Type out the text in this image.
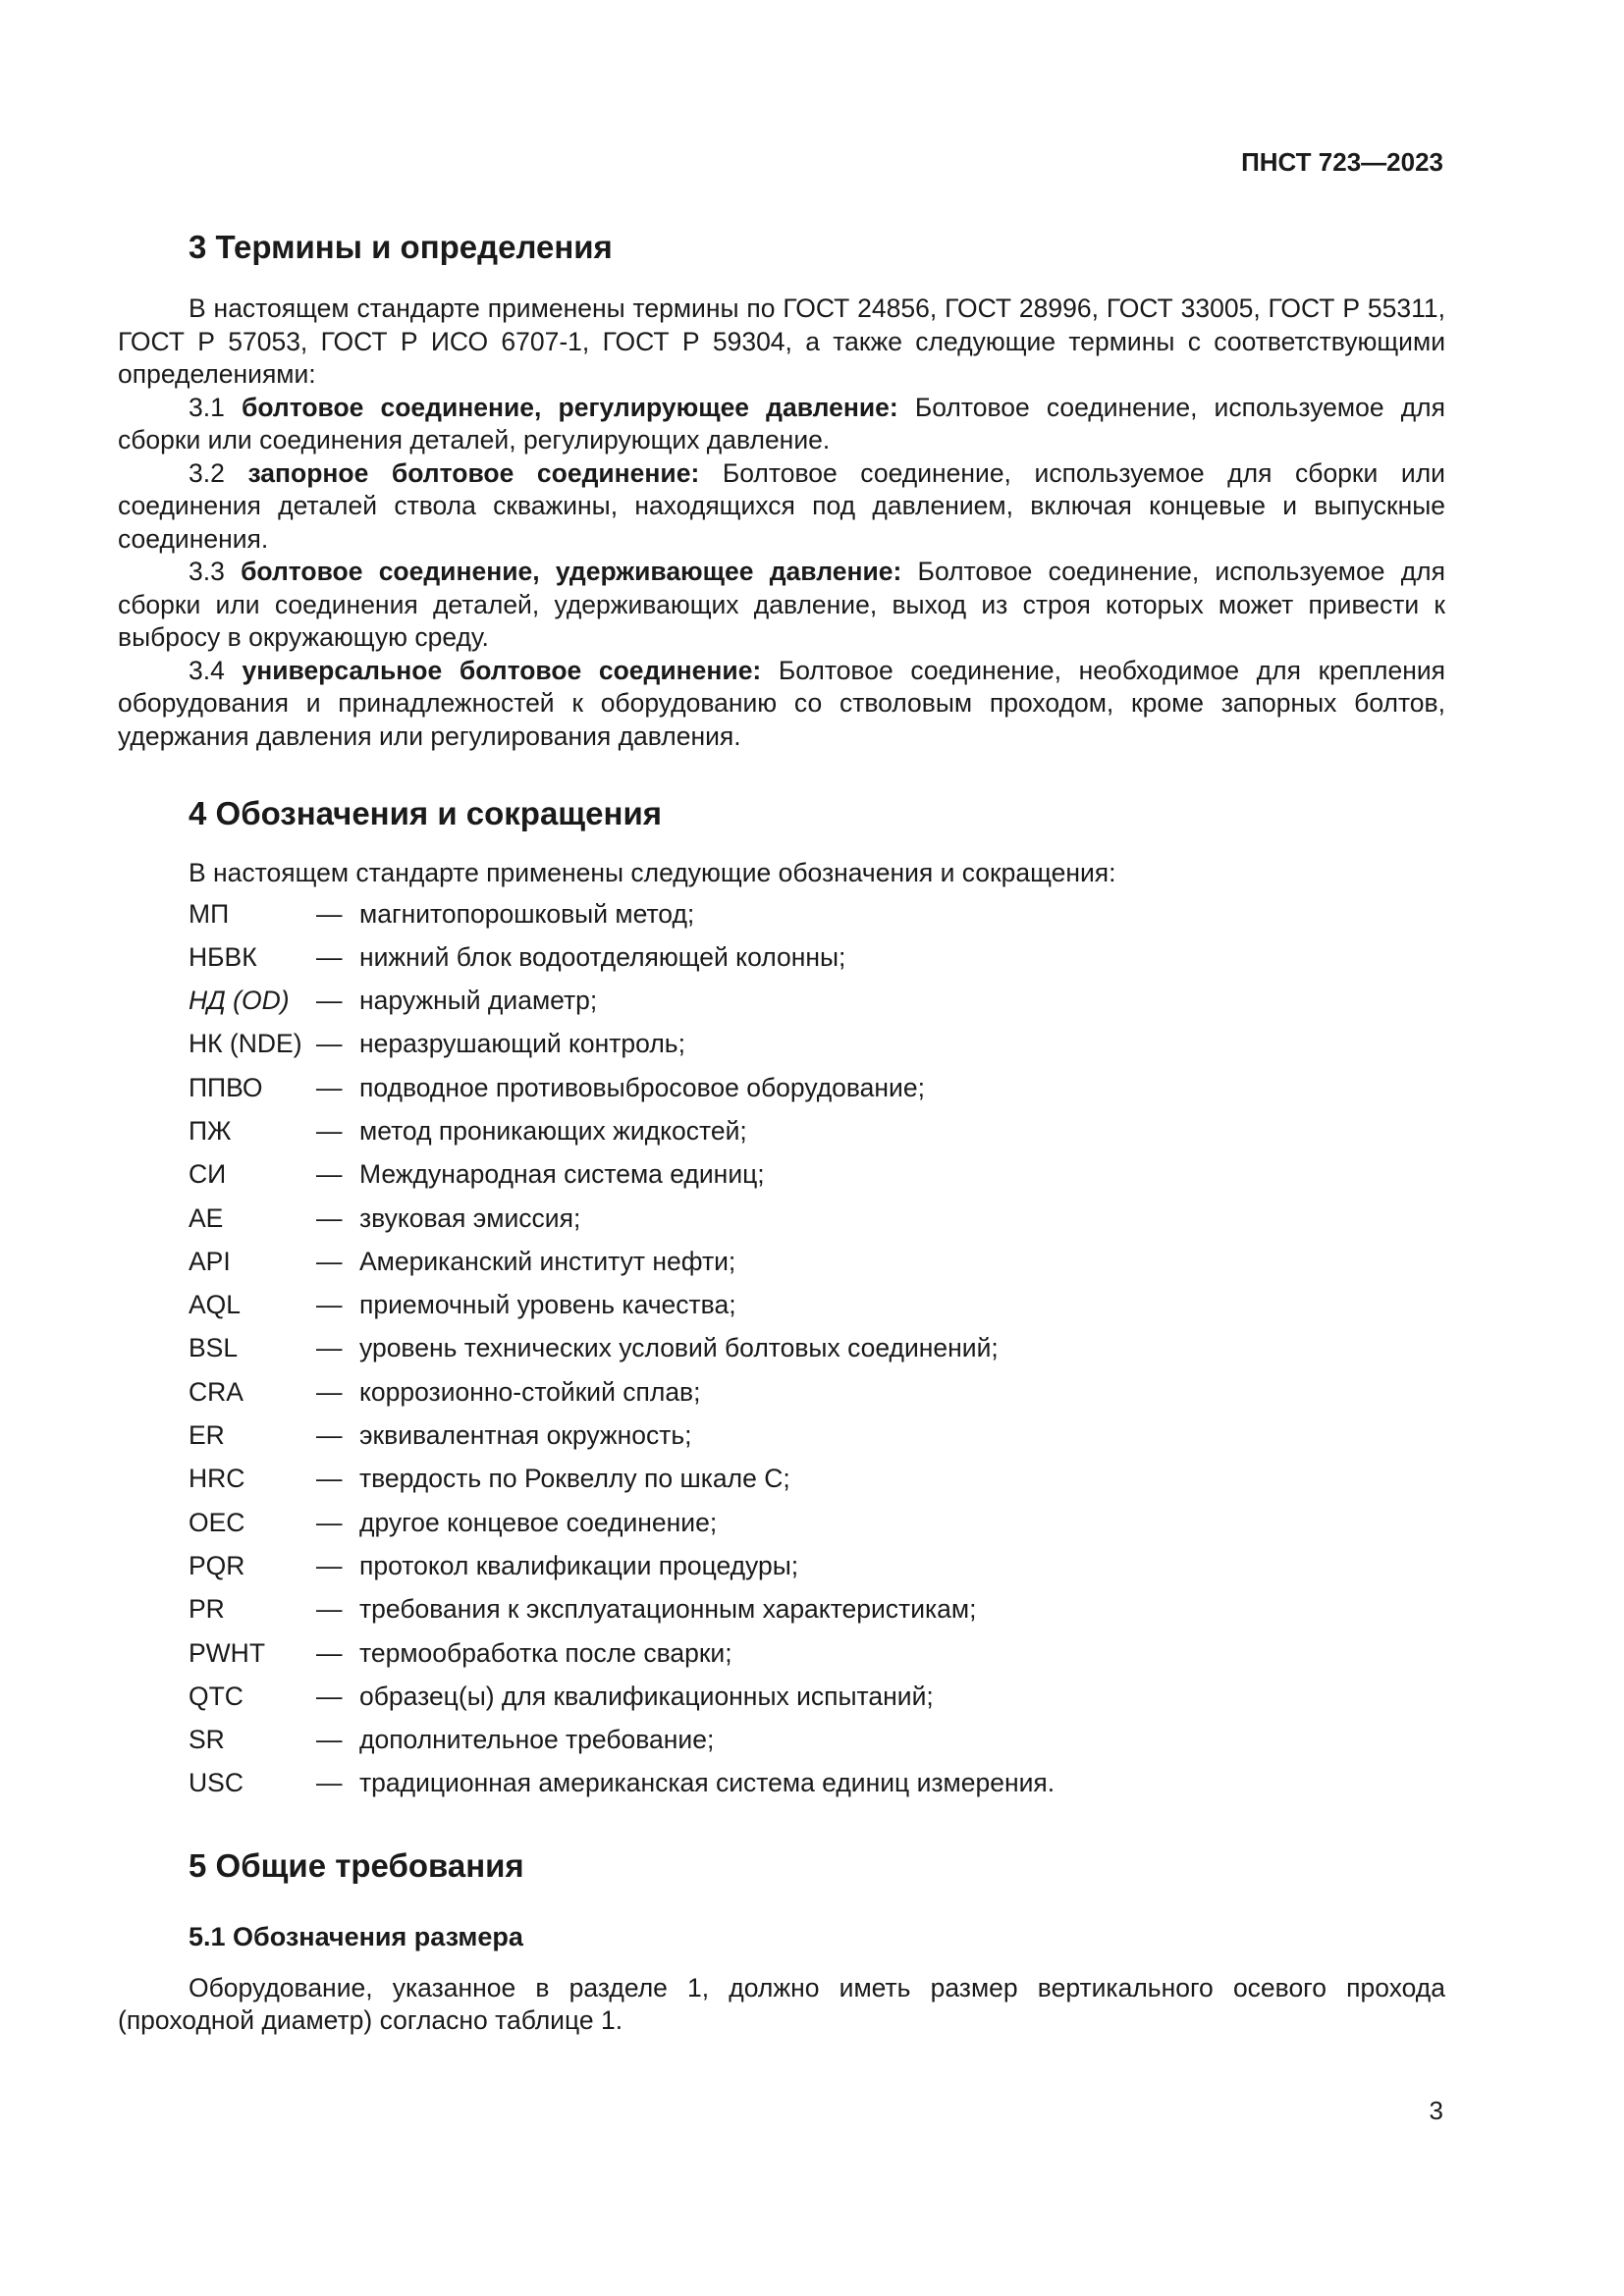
ПНСТ 723—2023
3 Термины и определения

В настоящем стандарте применены термины по ГОСТ 24856, ГОСТ 28996, ГОСТ 33005, ГОСТ Р 55311, ГОСТ Р 57053, ГОСТ Р ИСО 6707-1, ГОСТ Р 59304, а также следующие термины с соответствующими определениями:

3.1 болтовое соединение, регулирующее давление: Болтовое соединение, используемое для сборки или соединения деталей, регулирующих давление.

3.2 запорное болтовое соединение: Болтовое соединение, используемое для сборки или соединения деталей ствола скважины, находящихся под давлением, включая концевые и выпускные соединения.

3.3 болтовое соединение, удерживающее давление: Болтовое соединение, используемое для сборки или соединения деталей, удерживающих давление, выход из строя которых может привести к выбросу в окружающую среду.

3.4 универсальное болтовое соединение: Болтовое соединение, необходимое для крепления оборудования и принадлежностей к оборудованию со стволовым проходом, кроме запорных болтов, удержания давления или регулирования давления.

4 Обозначения и сокращения

В настоящем стандарте применены следующие обозначения и сокращения:

МП	— магнитопорошковый метод;
НБВК	— нижний блок водоотделяющей колонны;
НД (OD)	— наружный диаметр;
НК (NDE) — неразрушающий контроль;
ППВО	— подводное противовыбросовое оборудование;
ПЖ	— метод проникающих жидкостей;
СИ	— Международная система единиц;
AE	— звуковая эмиссия;
API	— Американский институт нефти;
AQL	— приемочный уровень качества;
BSL	— уровень технических условий болтовых соединений;
CRA	— коррозионно-стойкий сплав;
ER	— эквивалентная окружность;
HRC	— твердость по Роквеллу по шкале C;
OEC	— другое концевое соединение;
PQR	— протокол квалификации процедуры;
PR	— требования к эксплуатационным характеристикам;
PWHT	— термообработка после сварки;
QTC	— образец(ы) для квалификационных испытаний;
SR	— дополнительное требование;
USC	— традиционная американская система единиц измерения.
5 Общие требования
5.1 Обозначения размера

Оборудование, указанное в разделе 1, должно иметь размер вертикального осевого прохода (проходной диаметр) согласно таблице 1.

3
